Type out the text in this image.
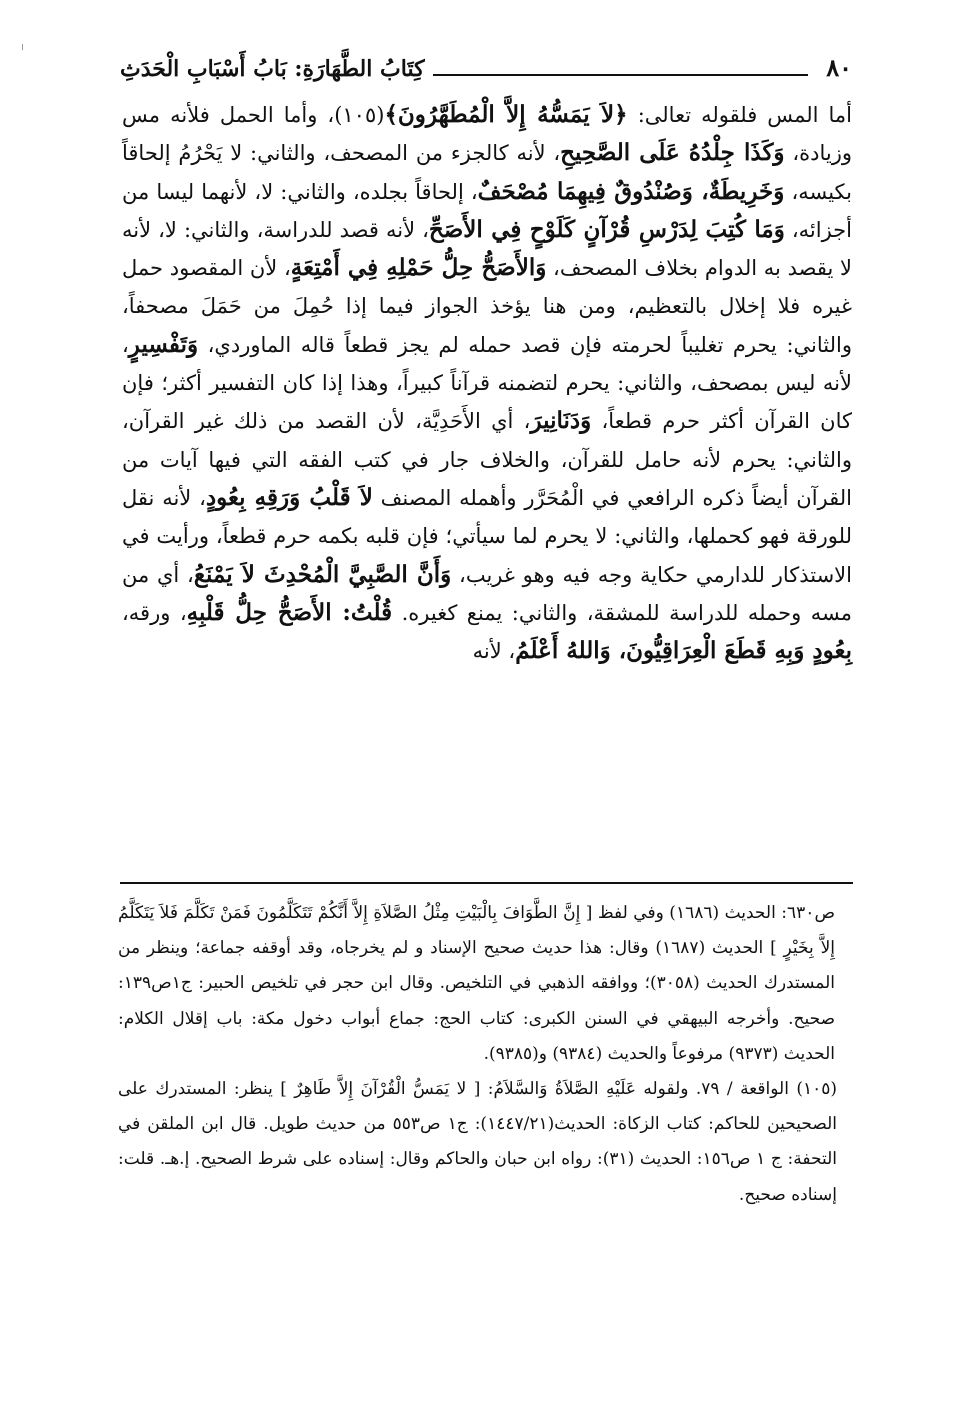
٨٠
كِتَابُ الطَّهَارَةِ: بَابُ أَسْبَابِ الْحَدَثِ

أما المس فلقوله تعالى: ﴿لاَ يَمَسُّهُ إِلاَّ الْمُطَهَّرُونَ﴾(١٠٥)، وأما الحمل فلأنه مس وزيادة، وَكَذَا جِلْدُهُ عَلَى الصَّحِيحِ، لأنه كالجزء من المصحف، والثاني: لا يَحْرُمُ إلحاقاً بكيسه، وَخَرِيطَةٌ، وَصُنْدُوقٌ فِيهِمَا مُصْحَفٌ، إلحاقاً بجلده، والثاني: لا، لأنهما ليسا من أجزائه، وَمَا كُتِبَ لِدَرْسِ قُرْآنٍ كَلَوْحٍ فِي الأَصَحِّ، لأنه قصد للدراسة، والثاني: لا، لأنه لا يقصد به الدوام بخلاف المصحف، وَالأَصَحُّ حِلُّ حَمْلِهِ فِي أَمْتِعَةٍ، لأن المقصود حمل غيره فلا إخلال بالتعظيم، ومن هنا يؤخذ الجواز فيما إذا حُمِلَ من حَمَلَ مصحفاً، والثاني: يحرم تغليباً لحرمته فإن قصد حمله لم يجز قطعاً قاله الماوردي، وَتَفْسِيرٍ، لأنه ليس بمصحف، والثاني: يحرم لتضمنه قرآناً كبيراً، وهذا إذا كان التفسير أكثر؛ فإن كان القرآن أكثر حرم قطعاً، وَدَنَانِيرَ، أي الأَحَدِيَّة، لأن القصد من ذلك غير القرآن، والثاني: يحرم لأنه حامل للقرآن، والخلاف جار في كتب الفقه التي فيها آيات من القرآن أيضاً ذكره الرافعي في الْمُحَرَّر وأهمله المصنف لاَ قَلْبُ وَرَقِهِ بِعُودٍ، لأنه نقل للورقة فهو كحملها، والثاني: لا يحرم لما سيأتي؛ فإن قلبه بكمه حرم قطعاً، ورأيت في الاستذكار للدارمي حكاية وجه فيه وهو غريب، وَأَنَّ الصَّبِيَّ الْمُحْدِثَ لاَ يَمْنَعُ، أي من مسه وحمله للدراسة للمشقة، والثاني: يمنع كغيره. قُلْتُ: الأَصَحُّ حِلُّ قَلْبِهِ، ورقه، بِعُودٍ وَبِهِ قَطَعَ الْعِرَاقِيُّونَ، وَاللهُ أَعْلَمُ، لأنه

ص٦٣٠: الحديث (١٦٨٦) وفي لفظ [ إِنَّ الطَّوَافَ بِالْبَيْتِ مِثْلُ الصَّلاَةِ إِلاَّ أَنَّكُمْ تَتَكَلَّمُونَ فَمَنْ تَكَلَّمَ فَلاَ يَتَكَلَّمُ إِلاَّ بِخَيْرٍ ] الحديث (١٦٨٧) وقال: هذا حديث صحيح الإسناد و لم يخرجاه، وقد أوقفه جماعة؛ وينظر من المستدرك الحديث (٣٠٥٨)؛ ووافقه الذهبي في التلخيص. وقال ابن حجر في تلخيص الحبير: ج١ص١٣٩: صحيح. وأخرجه البيهقي في السنن الكبرى: كتاب الحج: جماع أبواب دخول مكة: باب إقلال الكلام: الحديث (٩٣٧٣) مرفوعاً والحديث (٩٣٨٤) و(٩٣٨٥).

(١٠٥) الواقعة / ٧٩. ولقوله عَلَيْهِ الصَّلاَةُ وَالسَّلاَمُ: [ لا يَمَسُّ الْقُرْآنَ إِلاَّ طَاهِرٌ ] ينظر: المستدرك على الصحيحين للحاكم: كتاب الزكاة: الحديث(١٤٤٧/٢١): ج١ ص٥٥٣ من حديث طويل. قال ابن الملقن في التحفة: ج ١ ص١٥٦: الحديث (٣١): رواه ابن حبان والحاكم وقال: إسناده على شرط الصحيح. إ.هـ. قلت: إسناده صحيح.
